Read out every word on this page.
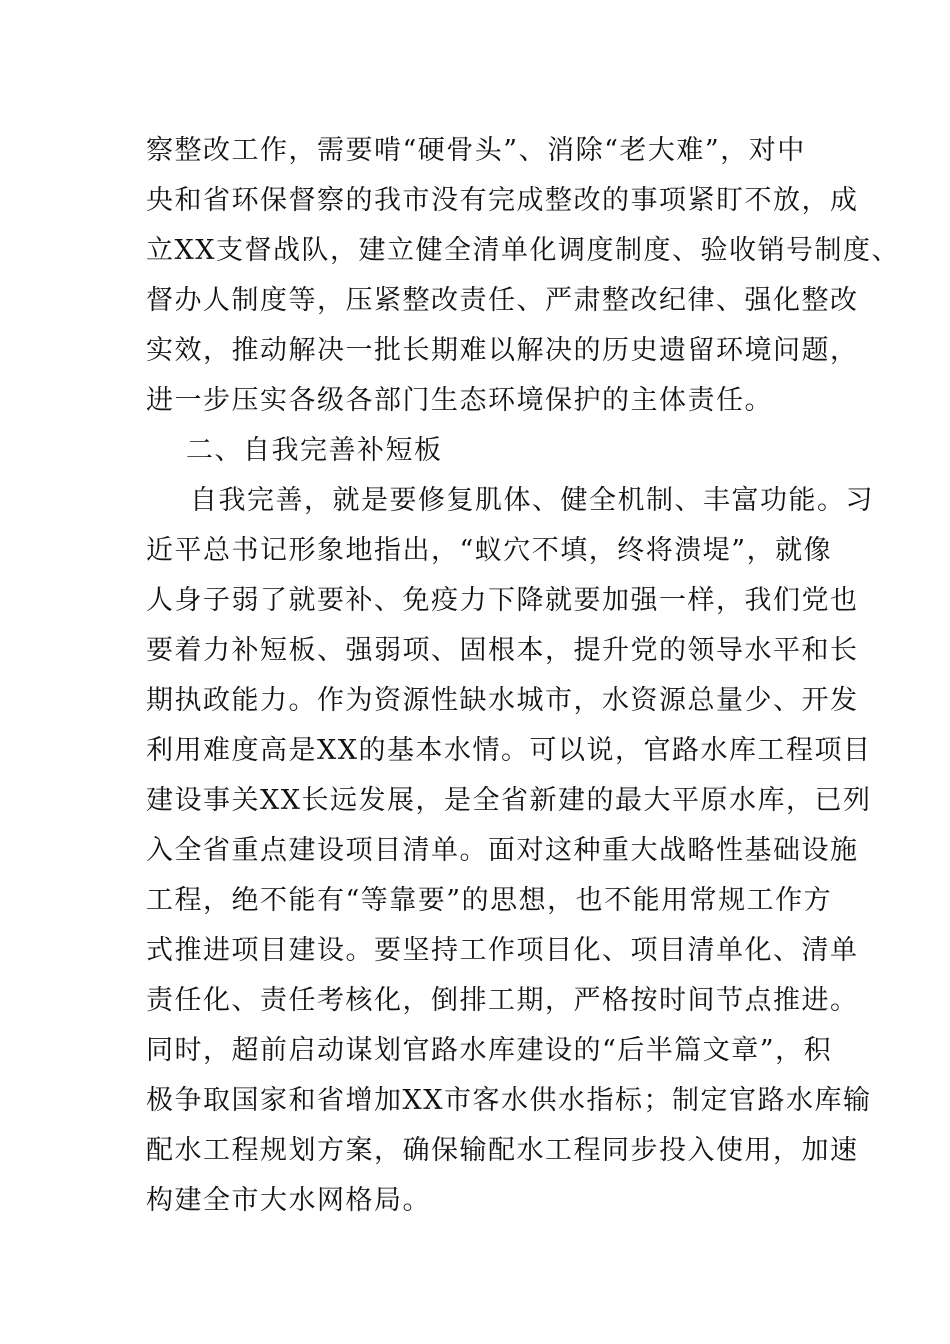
察整改工作，需要啃“硬骨头”、消除“老大难”，对中
央和省环保督察的我市没有完成整改的事项紧盯不放，成
立XX支督战队，建立健全清单化调度制度、验收销号制度、
督办人制度等，压紧整改责任、严肃整改纪律、强化整改
实效，推动解决一批长期难以解决的历史遗留环境问题，
进一步压实各级各部门生态环境保护的主体责任。
二、自我完善补短板
自我完善，就是要修复肌体、健全机制、丰富功能。习
近平总书记形象地指出，“蚁穴不填，终将溃堤”，就像
人身子弱了就要补、免疫力下降就要加强一样，我们党也
要着力补短板、强弱项、固根本，提升党的领导水平和长
期执政能力。作为资源性缺水城市，水资源总量少、开发
利用难度高是XX的基本水情。可以说，官路水库工程项目
建设事关XX长远发展，是全省新建的最大平原水库，已列
入全省重点建设项目清单。面对这种重大战略性基础设施
工程，绝不能有“等靠要”的思想，也不能用常规工作方
式推进项目建设。要坚持工作项目化、项目清单化、清单
责任化、责任考核化，倒排工期，严格按时间节点推进。
同时，超前启动谋划官路水库建设的“后半篇文章”，积
极争取国家和省增加XX市客水供水指标；制定官路水库输
配水工程规划方案，确保输配水工程同步投入使用，加速
构建全市大水网格局。
